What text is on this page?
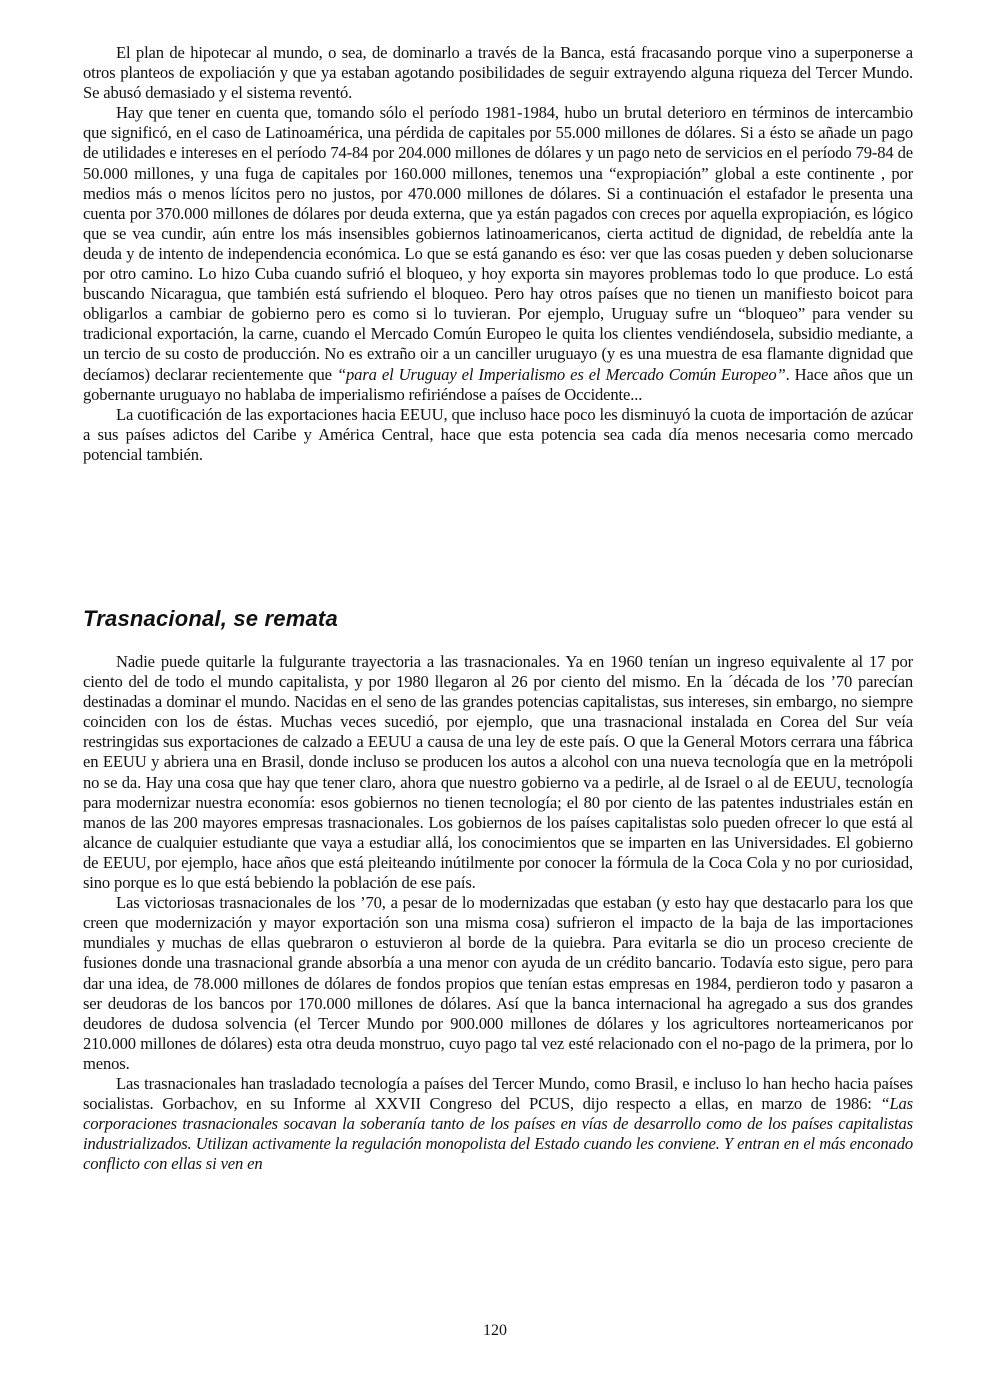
El plan de hipotecar al mundo, o sea, de dominarlo a través de la Banca, está fracasando porque vino a superponerse a otros planteos de expoliación y que ya estaban agotando posibilidades de seguir extrayendo alguna riqueza del Tercer Mundo. Se abusó demasiado y el sistema reventó.

Hay que tener en cuenta que, tomando sólo el período 1981-1984, hubo un brutal deterioro en términos de intercambio que significó, en el caso de Latinoamérica, una pérdida de capitales por 55.000 millones de dólares. Si a ésto se añade un pago de utilidades e intereses en el período 74-84 por 204.000 millones de dólares y un pago neto de servicios en el período 79-84 de 50.000 millones, y una fuga de capitales por 160.000 millones, tenemos una “expropiación” global a este continente , por medios más o menos lícitos pero no justos, por 470.000 millones de dólares. Si a continuación el estafador le presenta una cuenta por 370.000 millones de dólares por deuda externa, que ya están pagados con creces por aquella expropiación, es lógico que se vea cundir, aún entre los más insensibles gobiernos latinoamericanos, cierta actitud de dignidad, de rebeldía ante la deuda y de intento de independencia económica. Lo que se está ganando es éso: ver que las cosas pueden y deben solucionarse por otro camino. Lo hizo Cuba cuando sufrió el bloqueo, y hoy exporta sin mayores problemas todo lo que produce. Lo está buscando Nicaragua, que también está sufriendo el bloqueo. Pero hay otros países que no tienen un manifiesto boicot para obligarlos a cambiar de gobierno pero es como si lo tuvieran. Por ejemplo, Uruguay sufre un “bloqueo” para vender su tradicional exportación, la carne, cuando el Mercado Común Europeo le quita los clientes vendiéndosela, subsidio mediante, a un tercio de su costo de producción. No es extraño oir a un canciller uruguayo (y es una muestra de esa flamante dignidad que decíamos) declarar recientemente que “para el Uruguay el Imperialismo es el Mercado Común Europeo”. Hace años que un gobernante uruguayo no hablaba de imperialismo refiriéndose a países de Occidente...

La cuotificación de las exportaciones hacia EEUU, que incluso hace poco les disminuyó la cuota de importación de azúcar a sus países adictos del Caribe y América Central, hace que esta potencia sea cada día menos necesaria como mercado potencial también.

Trasnacional, se remata

Nadie puede quitarle la fulgurante trayectoria a las trasnacionales. Ya en 1960 tenían un ingreso equivalente al 17 por ciento del de todo el mundo capitalista, y por 1980 llegaron al 26 por ciento del mismo. En la ´década de los ’70 parecían destinadas a dominar el mundo. Nacidas en el seno de las grandes potencias capitalistas, sus intereses, sin embargo, no siempre coinciden con los de éstas. Muchas veces sucedió, por ejemplo, que una trasnacional instalada en Corea del Sur veía restringidas sus exportaciones de calzado a EEUU a causa de una ley de este país. O que la General Motors cerrara una fábrica en EEUU y abriera una en Brasil, donde incluso se producen los autos a alcohol con una nueva tecnología que en la metrópoli no se da. Hay una cosa que hay que tener claro, ahora que nuestro gobierno va a pedirle, al de Israel o al de EEUU, tecnología para modernizar nuestra economía: esos gobiernos no tienen tecnología; el 80 por ciento de las patentes industriales están en manos de las 200 mayores empresas trasnacionales. Los gobiernos de los países capitalistas solo pueden ofrecer lo que está al alcance de cualquier estudiante que vaya a estudiar allá, los conocimientos que se imparten en las Universidades. El gobierno de EEUU, por ejemplo, hace años que está pleiteando inútilmente por conocer la fórmula de la Coca Cola y no por curiosidad, sino porque es lo que está bebiendo la población de ese país.

Las victoriosas trasnacionales de los ’70, a pesar de lo modernizadas que estaban (y esto hay que destacarlo para los que creen que modernización y mayor exportación son una misma cosa) sufrieron el impacto de la baja de las importaciones mundiales y muchas de ellas quebraron o estuvieron al borde de la quiebra. Para evitarla se dio un proceso creciente de fusiones donde una trasnacional grande absorbía a una menor con ayuda de un crédito bancario. Todavía esto sigue, pero para dar una idea, de 78.000 millones de dólares de fondos propios que tenían estas empresas en 1984, perdieron todo y pasaron a ser deudoras de los bancos por 170.000 millones de dólares. Así que la banca internacional ha agregado a sus dos grandes deudores de dudosa solvencia (el Tercer Mundo por 900.000 millones de dólares y los agricultores norteamericanos por 210.000 millones de dólares) esta otra deuda monstruo, cuyo pago tal vez esté relacionado con el no-pago de la primera, por lo menos.

Las trasnacionales han trasladado tecnología a países del Tercer Mundo, como Brasil, e incluso lo han hecho hacia países socialistas. Gorbachov, en su Informe al XXVII Congreso del PCUS, dijo respecto a ellas, en marzo de 1986: “Las corporaciones trasnacionales socavan la soberanía tanto de los países en vías de desarrollo como de los países capitalistas industrializados. Utilizan activamente la regulación monopolista del Estado cuando les conviene. Y entran en el más enconado conflicto con ellas si ven en

120
